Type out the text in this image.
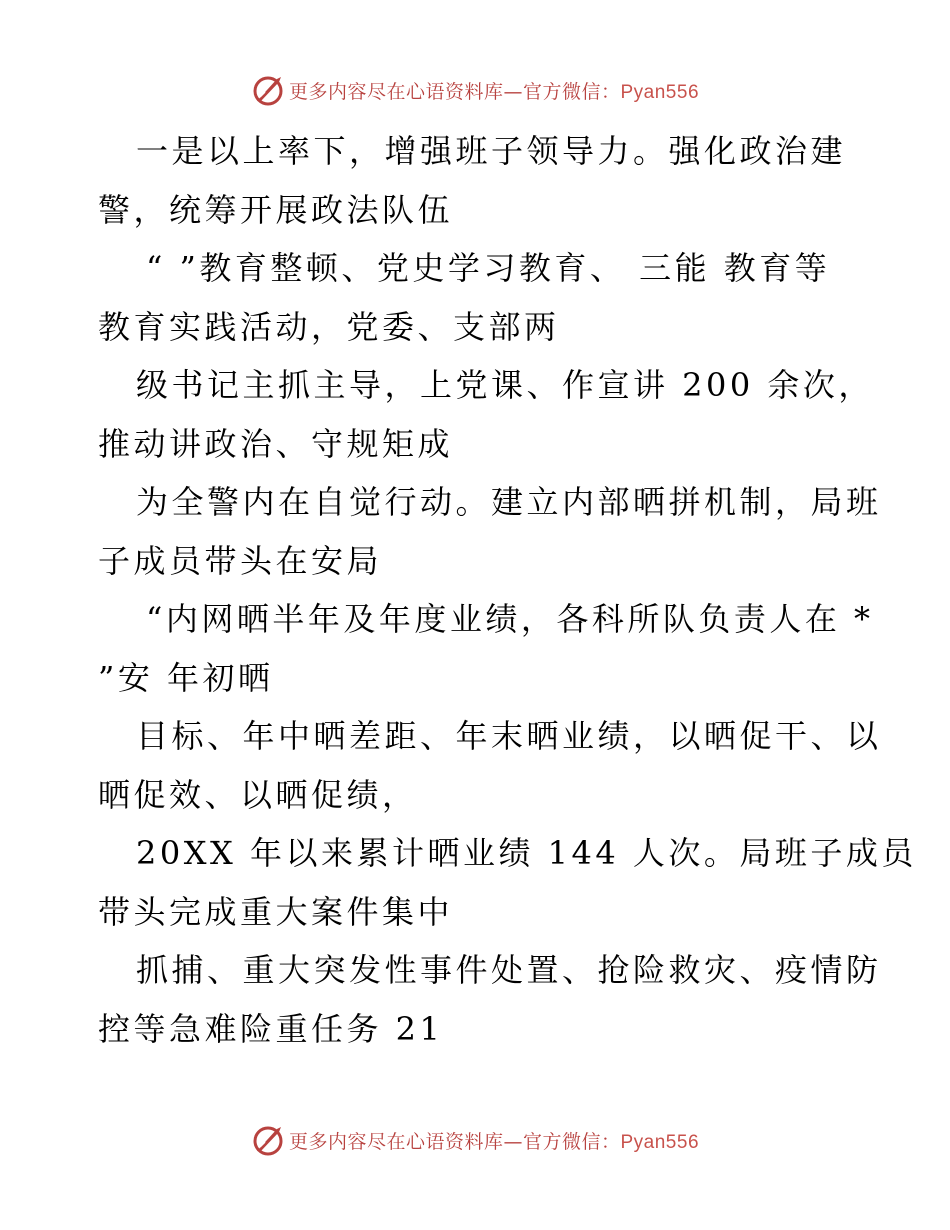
更多内容尽在心语资料库—官方微信：Pyan556
一是以上率下，增强班子领导力。强化政治建
警，统筹开展政法队伍
“ ”教育整顿、党史学习教育、 三能 教育等
教育实践活动，党委、支部两
级书记主抓主导，上党课、作宣讲 200 余次，
推动讲政治、守规矩成
为全警内在自觉行动。建立内部晒拼机制，局班
子成员带头在安局
“内网晒半年及年度业绩，各科所队负责人在 *
”安 年初晒
目标、年中晒差距、年末晒业绩，以晒促干、以
晒促效、以晒促绩，
20XX 年以来累计晒业绩 144 人次。局班子成员
带头完成重大案件集中
抓捕、重大突发性事件处置、抢险救灾、疫情防
控等急难险重任务 21
更多内容尽在心语资料库—官方微信：Pyan556
